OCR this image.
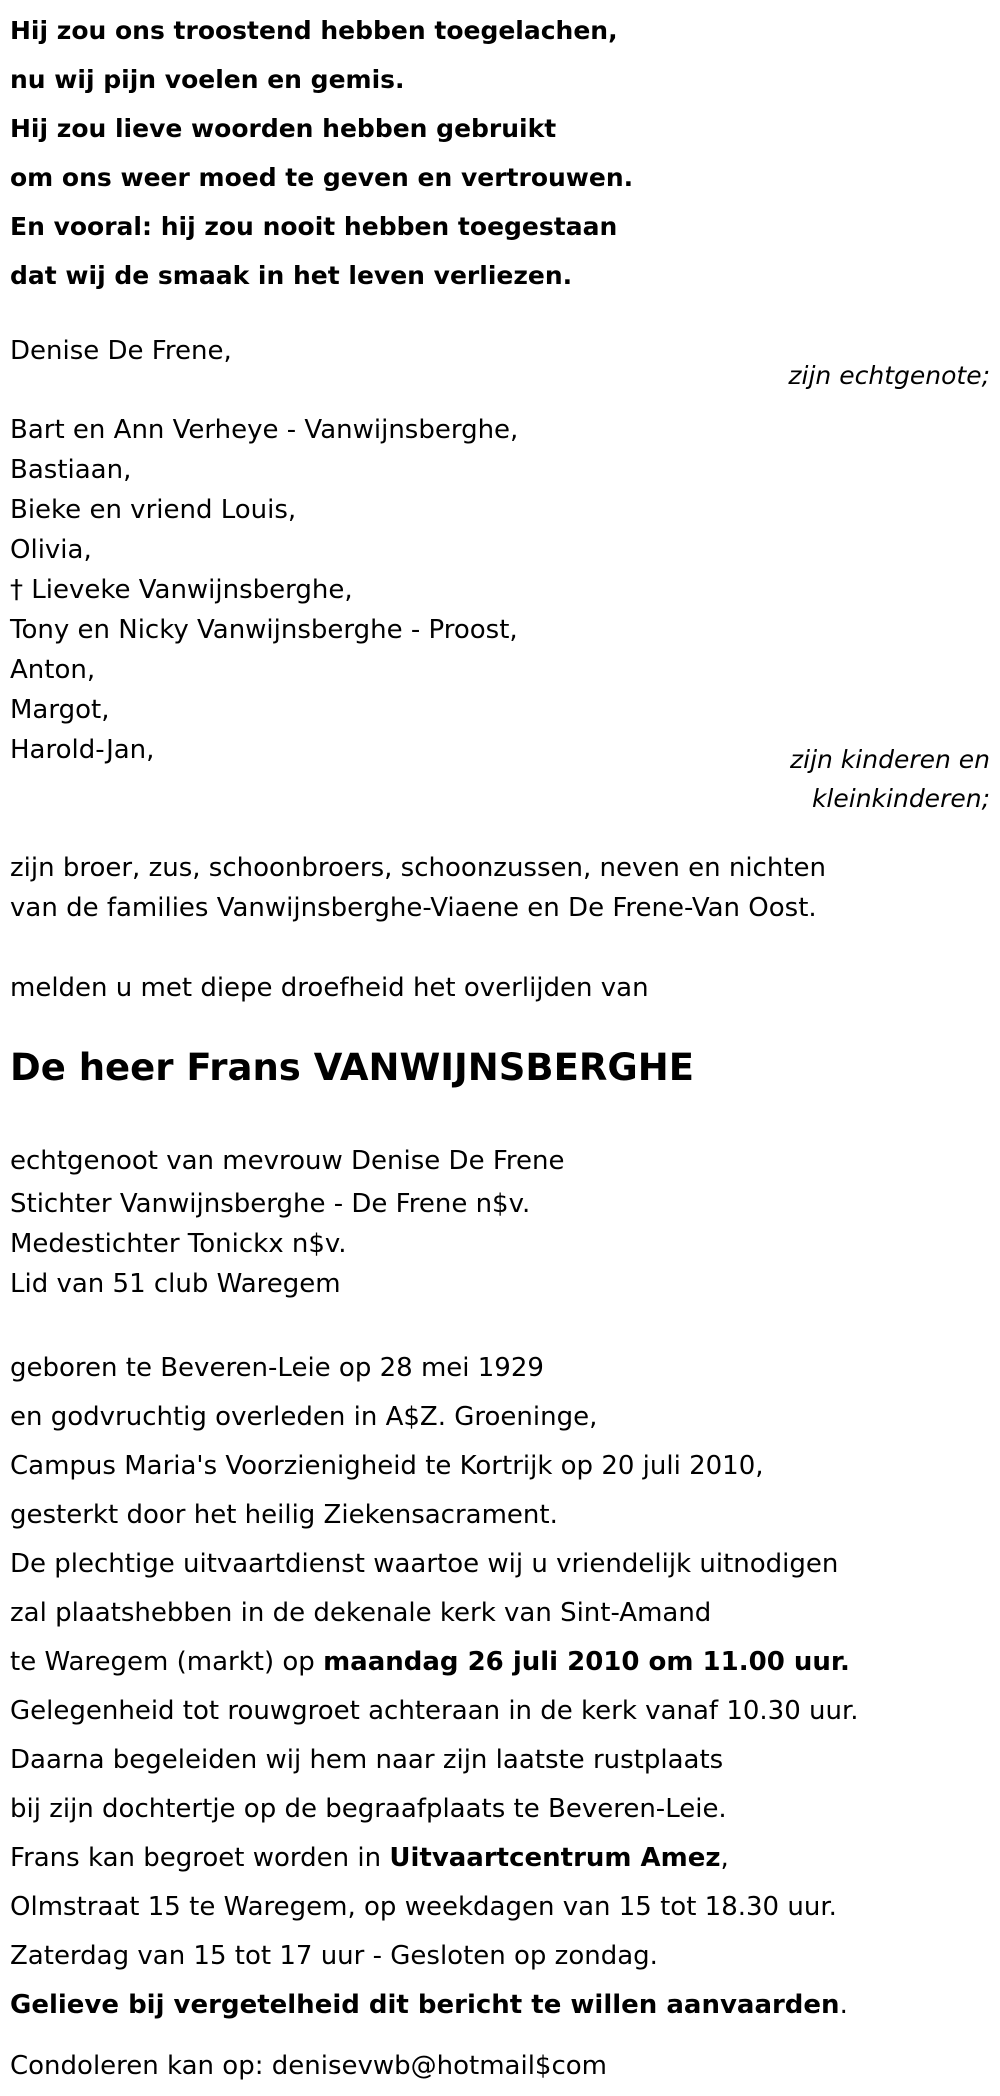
Hij zou ons troostend hebben toegelachen,
nu wij pijn voelen en gemis.
Hij zou lieve woorden hebben gebruikt
om ons weer moed te geven en vertrouwen.
En vooral: hij zou nooit hebben toegestaan
dat wij de smaak in het leven verliezen.
Denise De Frene,
zijn echtgenote;
Bart en Ann Verheye - Vanwijnsberghe,
Bastiaan,
Bieke en vriend Louis,
Olivia,
† Lieveke Vanwijnsberghe,
Tony en Nicky Vanwijnsberghe - Proost,
Anton,
Margot,
Harold-Jan,	zijn kinderen en
kleinkinderen;
zijn broer, zus, schoonbroers, schoonzussen, neven en nichten
van de families Vanwijnsberghe-Viaene en De Frene-Van Oost.
melden u met diepe droefheid het overlijden van
De heer Frans VANWIJNSBERGHE
echtgenoot van mevrouw Denise De Frene
Stichter Vanwijnsberghe - De Frene n$v.
Medestichter Tonickx n$v.
Lid van 51 club Waregem
geboren te Beveren-Leie op 28 mei 1929
en godvruchtig overleden in A$Z. Groeninge,
Campus Maria's Voorzienigheid te Kortrijk op 20 juli 2010,
gesterkt door het heilig Ziekensacrament.
De plechtige uitvaartdienst waartoe wij u vriendelijk uitnodigen
zal plaatshebben in de dekenale kerk van Sint-Amand
te Waregem (markt) op maandag 26 juli 2010 om 11.00 uur.
Gelegenheid tot rouwgroet achteraan in de kerk vanaf 10.30 uur.
Daarna begeleiden wij hem naar zijn laatste rustplaats
bij zijn dochtertje op de begraafplaats te Beveren-Leie.
Frans kan begroet worden in Uitvaartcentrum Amez,
Olmstraat 15 te Waregem, op weekdagen van 15 tot 18.30 uur.
Zaterdag van 15 tot 17 uur - Gesloten op zondag.
Gelieve bij vergetelheid dit bericht te willen aanvaarden.
Condoleren kan op: denisevwb@hotmail$com
